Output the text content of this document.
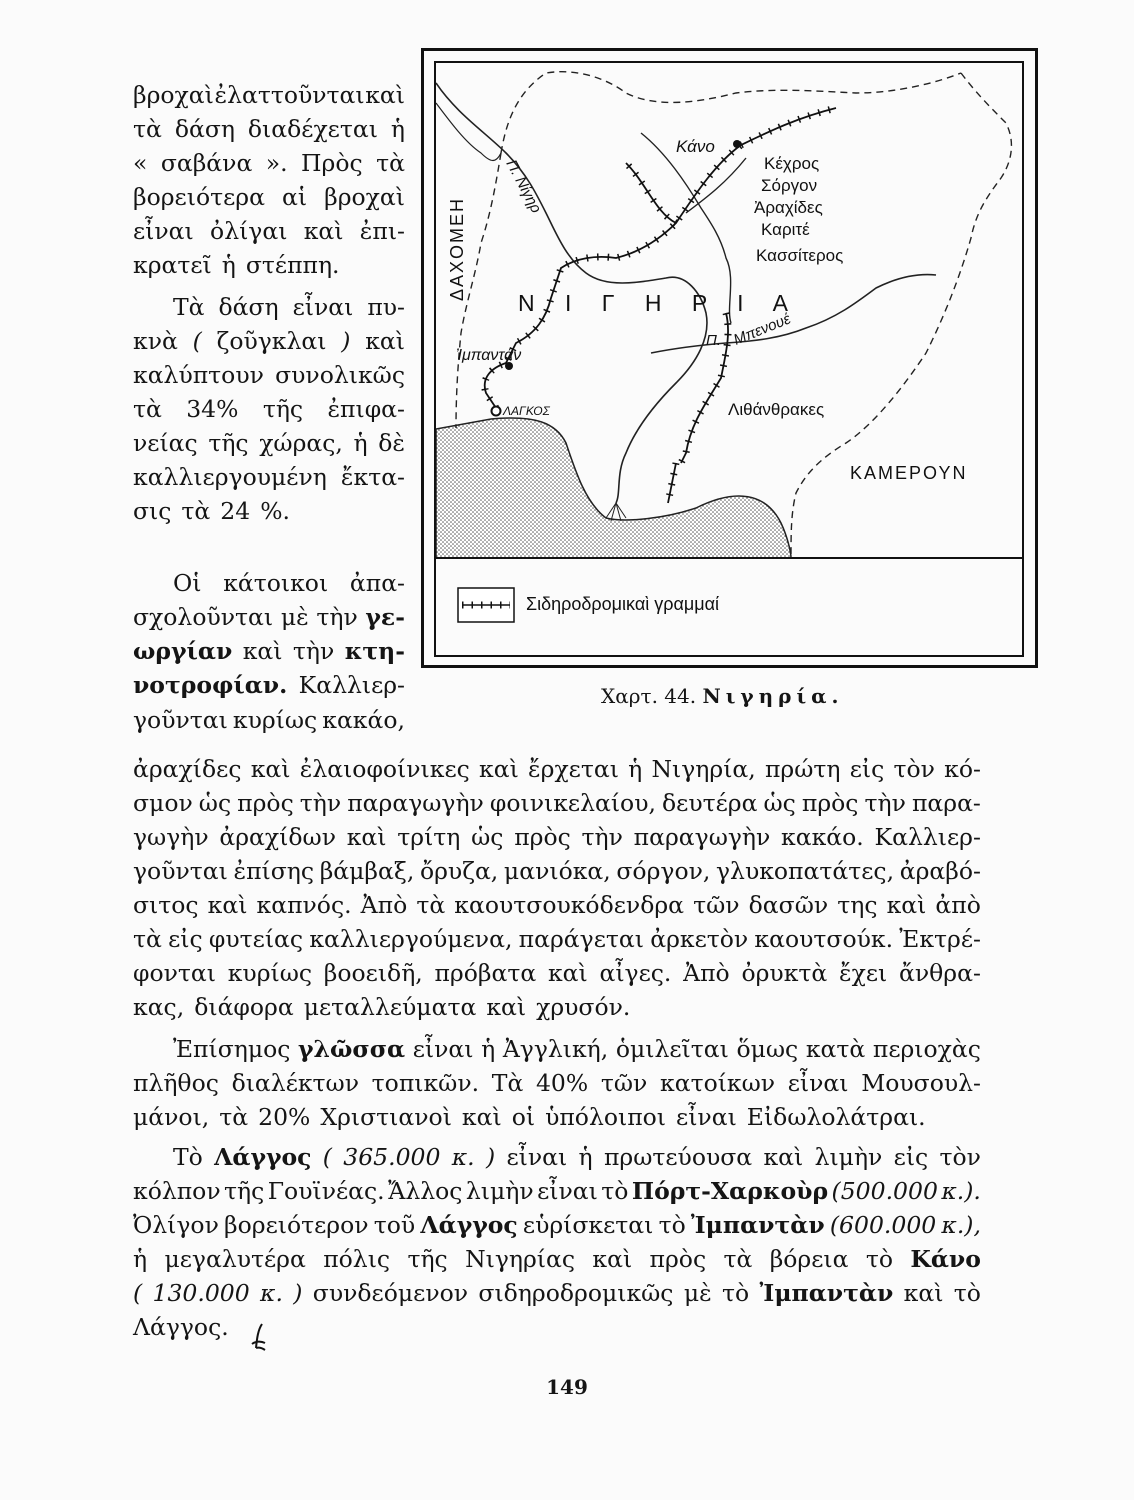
βροχαὶ ἐλαττοῦνται καὶ
τὰ δάση διαδέχεται ἡ
« σαβάνα ». Πρὸς τὰ
βορειότερα αἱ βροχαὶ
εἶναι ὀλίγαι καὶ ἐπι-
κρατεῖ ἡ στέππη.
Τὰ δάση εἶναι πυ-
κνὰ ( ζοῦγκλαι ) καὶ
καλύπτουν συνολικῶς
τὰ 34% τῆς ἐπιφα-
νείας τῆς χώρας, ἡ δὲ
καλλιεργουμένη ἔκτα-
σις τὰ 24 %.
Οἱ κάτοικοι ἀπα-
σχολοῦνται μὲ τὴν γε-
ωργίαν καὶ τὴν κτη-
νοτροφίαν. Καλλιερ-
γοῦνται κυρίως κακάο,
Κάνο
Κέχρος
Σόργον
Ἀραχίδες
Καριτέ
Κασσίτερος
Ν Ι Γ Η Ρ Ι Α
Π. Μπενουέ
Π. Νίγηρ
Ἰμπαντάν
ΛΑΓΚΟΣ	Λιθάνθρακες
ΚΑΜΕΡΟΥΝ
ΔΑΧΟΜΕΗ
Σιδηροδρομικαὶ γραμμαί
Χαρτ. 44. Νιγηρία.
ἀραχίδες καὶ ἐλαιοφοίνικες καὶ ἔρχεται ἡ Νιγηρία, πρώτη εἰς τὸν κό-
σμον ὡς πρὸς τὴν παραγωγὴν φοινικελαίου, δευτέρα ὡς πρὸς τὴν παρα-
γωγὴν ἀραχίδων καὶ τρίτη ὡς πρὸς τὴν παραγωγὴν κακάο. Καλλιερ-
γοῦνται ἐπίσης βάμβαξ, ὄρυζα, μανιόκα, σόργον, γλυκοπατάτες, ἀραβό-
σιτος καὶ καπνός. Ἀπὸ τὰ καουτσουκόδενδρα τῶν δασῶν της καὶ ἀπὸ
τὰ εἰς φυτείας καλλιεργούμενα, παράγεται ἀρκετὸν καουτσούκ. Ἐκτρέ-
φονται κυρίως βοοειδῆ, πρόβατα καὶ αἶγες. Ἀπὸ ὀρυκτὰ ἔχει ἄνθρα-
κας, διάφορα μεταλλεύματα καὶ χρυσόν.
Ἐπίσημος γλῶσσα εἶναι ἡ Ἀγγλική, ὁμιλεῖται ὅμως κατὰ περιοχὰς
πλῆθος διαλέκτων τοπικῶν. Τὰ 40% τῶν κατοίκων εἶναι Μουσουλ-
μάνοι, τὰ 20% Χριστιανοὶ καὶ οἱ ὑπόλοιποι εἶναι Εἰδωλολάτραι.
Τὸ Λάγγος ( 365.000 κ. ) εἶναι ἡ πρωτεύουσα καὶ λιμὴν εἰς τὸν
κόλπον τῆς Γουϊνέας. Ἄλλος λιμὴν εἶναι τὸ Πόρτ-Χαρκοὺρ (500.000 κ.).
Ὀλίγον βορειότερον τοῦ Λάγγος εὑρίσκεται τὸ Ἰμπαντὰν (600.000 κ.),
ἡ μεγαλυτέρα πόλις τῆς Νιγηρίας καὶ πρὸς τὰ βόρεια τὸ Κάνο
( 130.000 κ. ) συνδεόμενον σιδηροδρομικῶς μὲ τὸ Ἰμπαντὰν καὶ τὸ
Λάγγος.
149
